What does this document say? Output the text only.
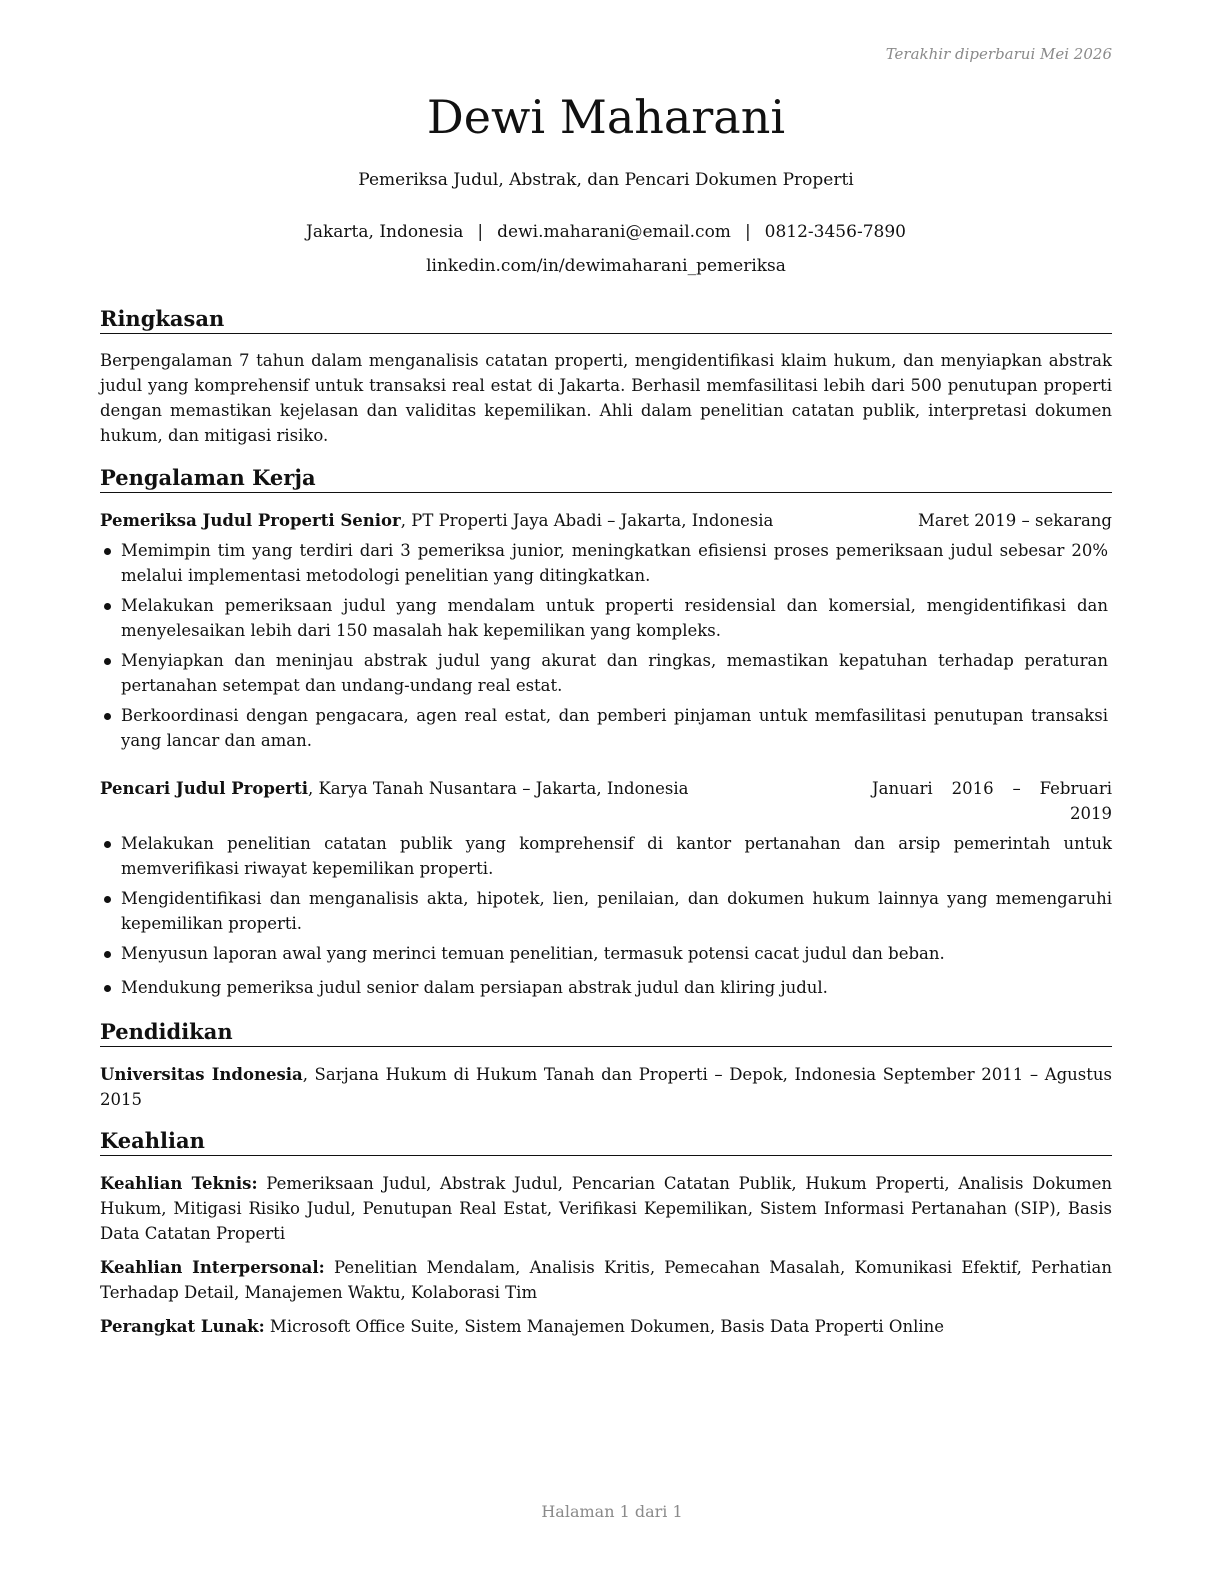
Terakhir diperbarui Mei 2026
Dewi Maharani
Pemeriksa Judul, Abstrak, dan Pencari Dokumen Properti
Jakarta, Indonesia | dewi.maharani@email.com | 0812-3456-7890
linkedin.com/in/dewimaharani_pemeriksa
Ringkasan
Berpengalaman 7 tahun dalam menganalisis catatan properti, mengidentifikasi klaim hukum, dan menyiapkan abstrak judul yang komprehensif untuk transaksi real estat di Jakarta. Berhasil memfasilitasi lebih dari 500 penutupan properti dengan memastikan kejelasan dan validitas kepemilikan. Ahli dalam penelitian catatan publik, interpretasi dokumen hukum, dan mitigasi risiko.
Pengalaman Kerja
Pemeriksa Judul Properti Senior, PT Properti Jaya Abadi – Jakarta, Indonesia	Maret 2019 – sekarang
Memimpin tim yang terdiri dari 3 pemeriksa junior, meningkatkan efisiensi proses pemeriksaan judul sebesar 20% melalui implementasi metodologi penelitian yang ditingkatkan.
Melakukan pemeriksaan judul yang mendalam untuk properti residensial dan komersial, mengidentifikasi dan menyelesaikan lebih dari 150 masalah hak kepemilikan yang kompleks.
Menyiapkan dan meninjau abstrak judul yang akurat dan ringkas, memastikan kepatuhan terhadap peraturan pertanahan setempat dan undang-undang real estat.
Berkoordinasi dengan pengacara, agen real estat, dan pemberi pinjaman untuk memfasilitasi penutupan transaksi yang lancar dan aman.
Pencari Judul Properti, Karya Tanah Nusantara – Jakarta, Indonesia	Januari 2016 – Februari 2019
Melakukan penelitian catatan publik yang komprehensif di kantor pertanahan dan arsip pemerintah untuk memverifikasi riwayat kepemilikan properti.
Mengidentifikasi dan menganalisis akta, hipotek, lien, penilaian, dan dokumen hukum lainnya yang memengaruhi kepemilikan properti.
Menyusun laporan awal yang merinci temuan penelitian, termasuk potensi cacat judul dan beban.
Mendukung pemeriksa judul senior dalam persiapan abstrak judul dan kliring judul.
Pendidikan
Universitas Indonesia, Sarjana Hukum di Hukum Tanah dan Properti – Depok, Indonesia September 2011 – Agustus 2015
Keahlian
Keahlian Teknis: Pemeriksaan Judul, Abstrak Judul, Pencarian Catatan Publik, Hukum Properti, Analisis Dokumen Hukum, Mitigasi Risiko Judul, Penutupan Real Estat, Verifikasi Kepemilikan, Sistem Informasi Pertanahan (SIP), Basis Data Catatan Properti
Keahlian Interpersonal: Penelitian Mendalam, Analisis Kritis, Pemecahan Masalah, Komunikasi Efektif, Perhatian Terhadap Detail, Manajemen Waktu, Kolaborasi Tim
Perangkat Lunak: Microsoft Office Suite, Sistem Manajemen Dokumen, Basis Data Properti Online
Halaman 1 dari 1
